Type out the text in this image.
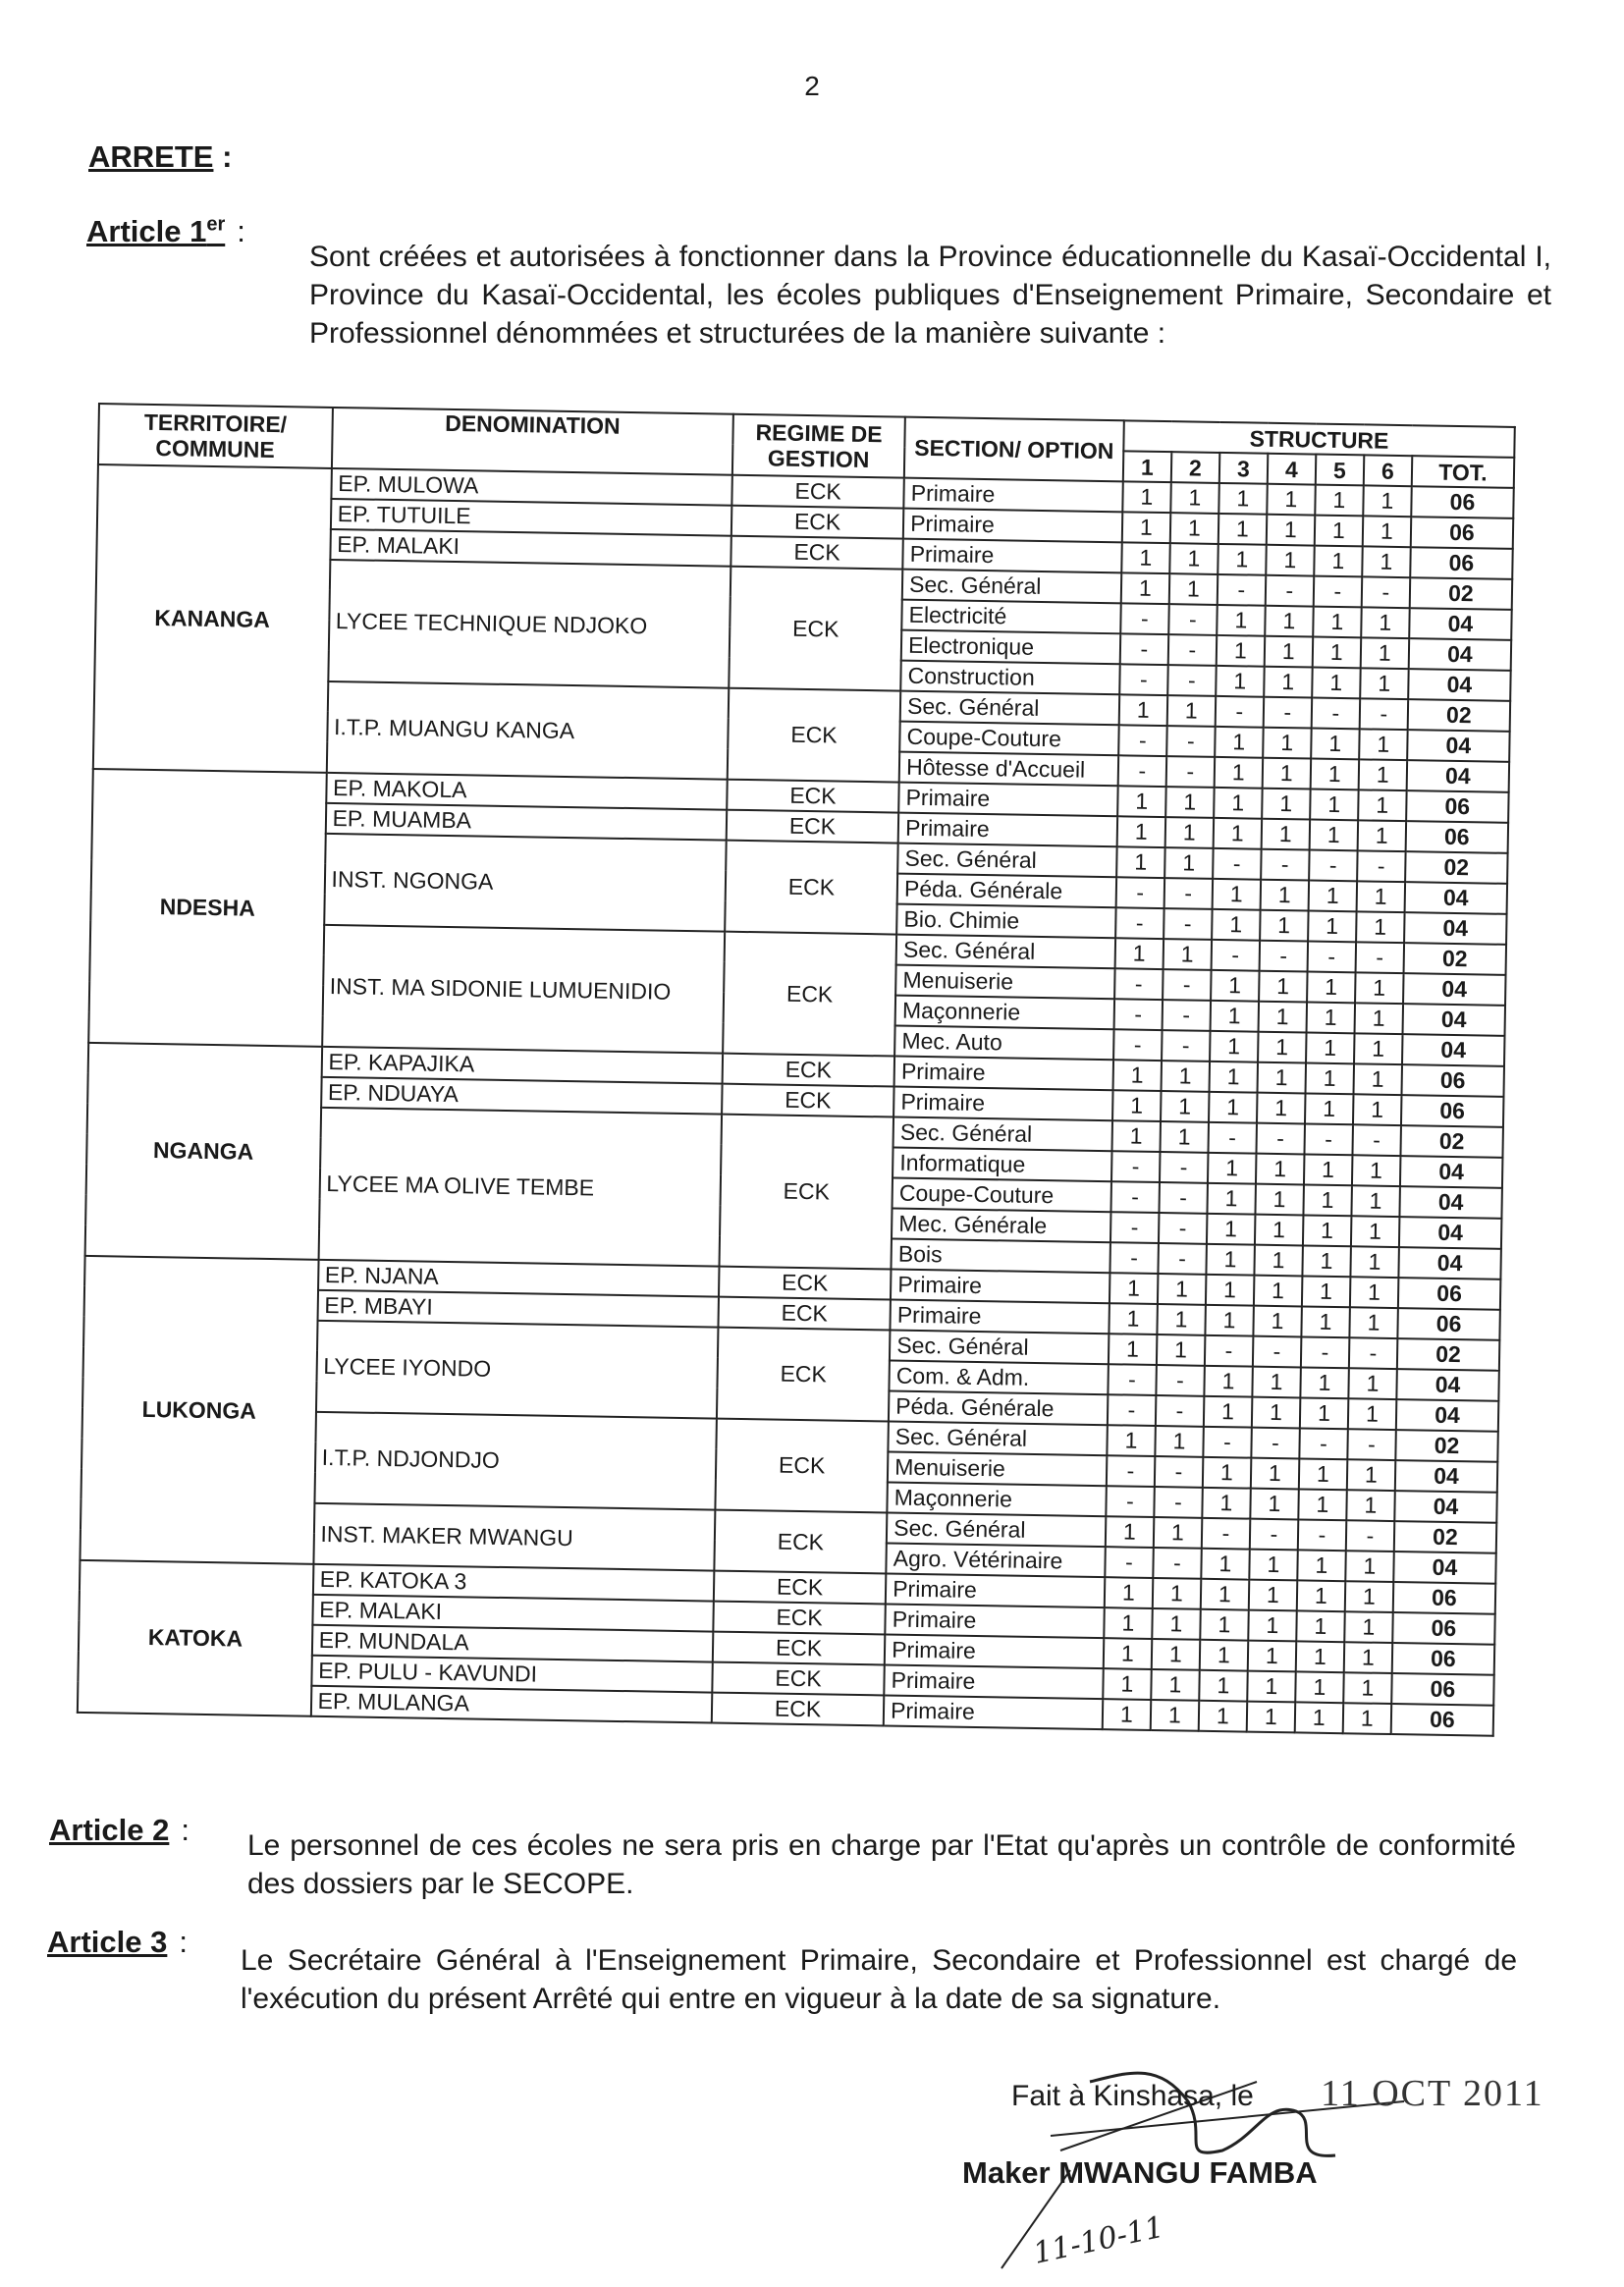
2
ARRETE :
Article 1er :
Sont créées et autorisées à fonctionner dans la Province éducationnelle du Kasaï-Occidental I, Province du Kasaï-Occidental, les écoles publiques d'Enseignement Primaire, Secondaire et Professionnel dénommées et structurées de la manière suivante :
TERRITOIRE/ COMMUNE	DENOMINATION	REGIME DE GESTION	SECTION/ OPTION	STRUCTURE						
				1	2	3	4	5	6	TOT.
KANANGA	EP. MULOWA	ECK	Primaire	1	1	1	1	1	1	06
	EP. TUTUILE	ECK	Primaire	1	1	1	1	1	1	06
	EP. MALAKI	ECK	Primaire	1	1	1	1	1	1	06
	LYCEE TECHNIQUE NDJOKO	ECK	Sec. Général	1	1	-	-	-	-	02
			Electricité	-	-	1	1	1	1	04
			Electronique	-	-	1	1	1	1	04
			Construction	-	-	1	1	1	1	04
	I.T.P. MUANGU KANGA	ECK	Sec. Général	1	1	-	-	-	-	02
			Coupe-Couture	-	-	1	1	1	1	04
			Hôtesse d'Accueil	-	-	1	1	1	1	04
NDESHA	EP. MAKOLA	ECK	Primaire	1	1	1	1	1	1	06
	EP. MUAMBA	ECK	Primaire	1	1	1	1	1	1	06
	INST. NGONGA	ECK	Sec. Général	1	1	-	-	-	-	02
			Péda. Générale	-	-	1	1	1	1	04
			Bio. Chimie	-	-	1	1	1	1	04
	INST. MA SIDONIE LUMUENIDIO	ECK	Sec. Général	1	1	-	-	-	-	02
			Menuiserie	-	-	1	1	1	1	04
			Maçonnerie	-	-	1	1	1	1	04
			Mec. Auto	-	-	1	1	1	1	04
NGANGA	EP. KAPAJIKA	ECK	Primaire	1	1	1	1	1	1	06
	EP. NDUAYA	ECK	Primaire	1	1	1	1	1	1	06
	LYCEE MA OLIVE TEMBE	ECK	Sec. Général	1	1	-	-	-	-	02
			Informatique	-	-	1	1	1	1	04
			Coupe-Couture	-	-	1	1	1	1	04
			Mec. Générale	-	-	1	1	1	1	04
			Bois	-	-	1	1	1	1	04
LUKONGA	EP. NJANA	ECK	Primaire	1	1	1	1	1	1	06
	EP. MBAYI	ECK	Primaire	1	1	1	1	1	1	06
	LYCEE IYONDO	ECK	Sec. Général	1	1	-	-	-	-	02
			Com. & Adm.	-	-	1	1	1	1	04
			Péda. Générale	-	-	1	1	1	1	04
	I.T.P. NDJONDJO	ECK	Sec. Général	1	1	-	-	-	-	02
			Menuiserie	-	-	1	1	1	1	04
			Maçonnerie	-	-	1	1	1	1	04
	INST. MAKER MWANGU	ECK	Sec. Général	1	1	-	-	-	-	02
			Agro. Vétérinaire	-	-	1	1	1	1	04
KATOKA	EP. KATOKA 3	ECK	Primaire	1	1	1	1	1	1	06
	EP. MALAKI	ECK	Primaire	1	1	1	1	1	1	06
	EP. MUNDALA	ECK	Primaire	1	1	1	1	1	1	06
	EP. PULU - KAVUNDI	ECK	Primaire	1	1	1	1	1	1	06
	EP. MULANGA	ECK	Primaire	1	1	1	1	1	1	06
Article 2 : Le personnel de ces écoles ne sera pris en charge par l'Etat qu'après un contrôle de conformité des dossiers par le SECOPE.
Article 3 :
Le Secrétaire Général à l'Enseignement Primaire, Secondaire et Professionnel est chargé de l'exécution du présent Arrêté qui entre en vigueur à la date de sa signature.
11-10-11
Fait à Kinshasa, le 11 OCT 2011
Maker MWANGU FAMBA
